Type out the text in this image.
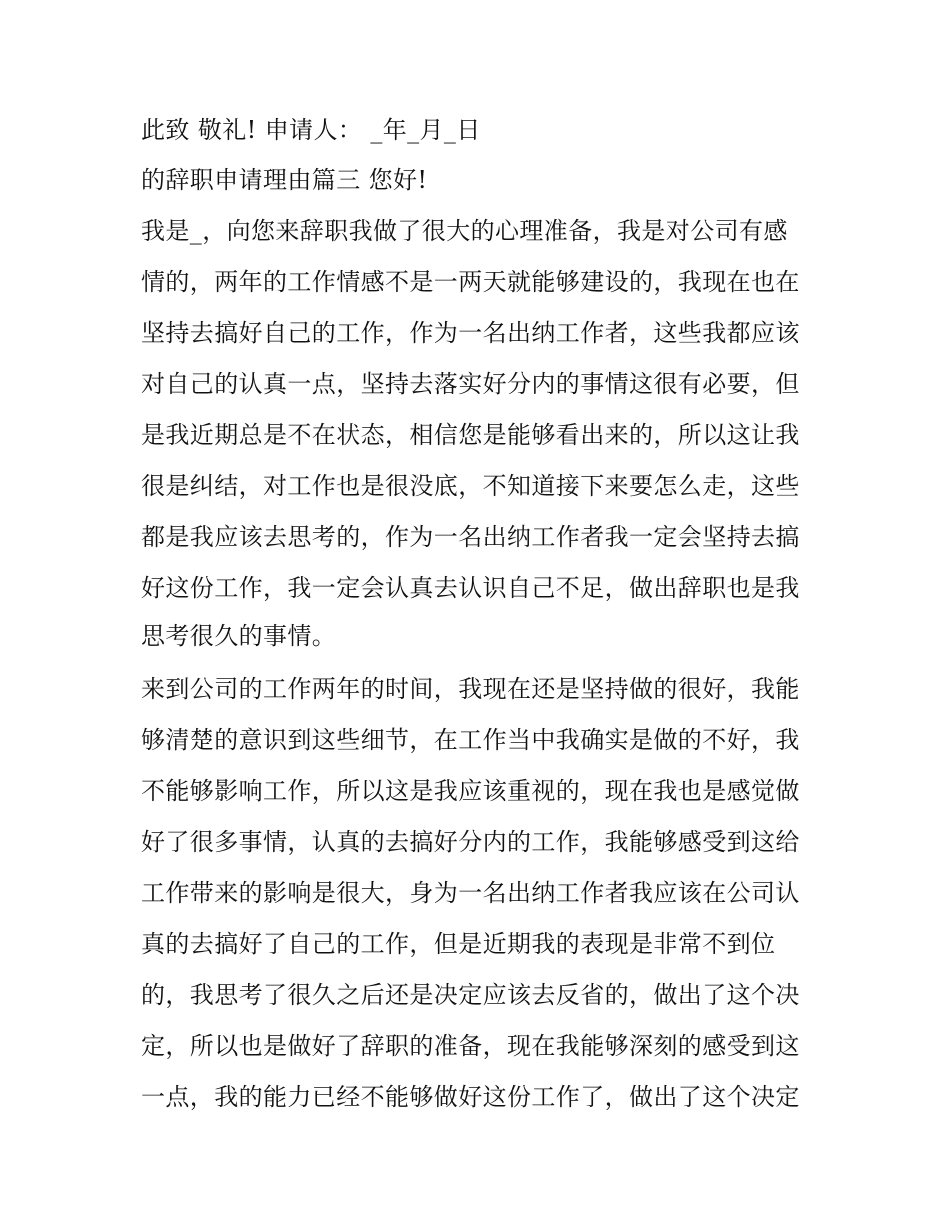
此致 敬礼! 申请人： _年_月_日
的辞职申请理由篇三 您好!
我是_，向您来辞职我做了很大的心理准备，我是对公司有感
情的，两年的工作情感不是一两天就能够建设的，我现在也在
坚持去搞好自己的工作，作为一名出纳工作者，这些我都应该
对自己的认真一点，坚持去落实好分内的事情这很有必要，但
是我近期总是不在状态，相信您是能够看出来的，所以这让我
很是纠结，对工作也是很没底，不知道接下来要怎么走，这些
都是我应该去思考的，作为一名出纳工作者我一定会坚持去搞
好这份工作，我一定会认真去认识自己不足，做出辞职也是我
思考很久的事情。
来到公司的工作两年的时间，我现在还是坚持做的很好，我能
够清楚的意识到这些细节，在工作当中我确实是做的不好，我
不能够影响工作，所以这是我应该重视的，现在我也是感觉做
好了很多事情，认真的去搞好分内的工作，我能够感受到这给
工作带来的影响是很大，身为一名出纳工作者我应该在公司认
真的去搞好了自己的工作，但是近期我的表现是非常不到位
的，我思考了很久之后还是决定应该去反省的，做出了这个决
定，所以也是做好了辞职的准备，现在我能够深刻的感受到这
一点，我的能力已经不能够做好这份工作了，做出了这个决定
